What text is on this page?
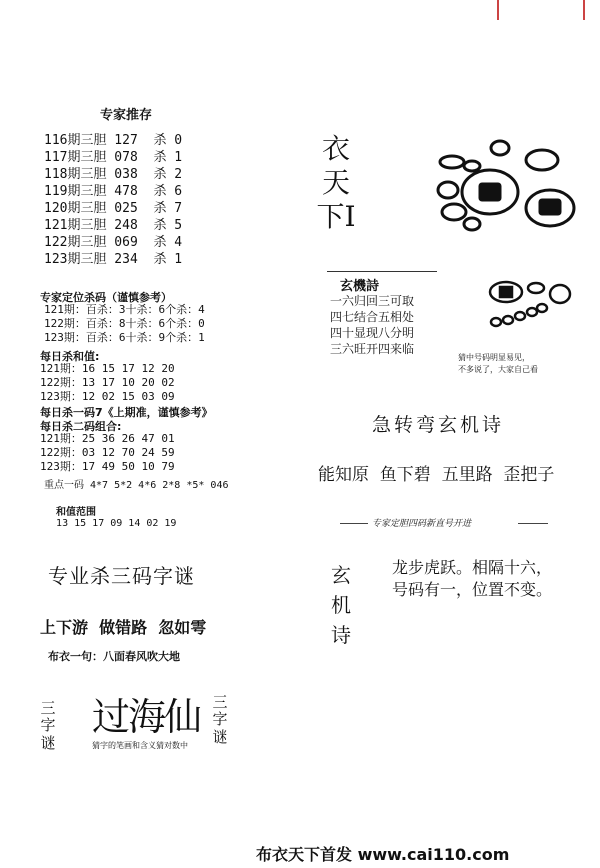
专家推存
116期三胆 127  杀 0
117期三胆 078  杀 1
118期三胆 038  杀 2
119期三胆 478  杀 6
120期三胆 025  杀 7
121期三胆 248  杀 5
122期三胆 069  杀 4
123期三胆 234  杀 1
专家定位杀码（谨慎参考）
121期：百杀：3十杀：6个杀：4
122期：百杀：8十杀：6个杀：0
123期：百杀：6十杀：9个杀：1
每日杀和值:
121期：16 15 17 12 20
122期：13 17 10 20 02
123期：12 02 15 03 09
每日杀一码7《上期准，谨慎参考》
每日杀二码组合:
121期：25 36 26 47 01
122期：03 12 70 24 59
123期：17 49 50 10 79
重点一码 4*7 5*2 4*6 2*8 *5* 046

和值范围
13 15 17 09 14 02 19

专业杀三码字谜
上下游  做错路  忽如雩
布衣一句：八面春风吹大地
三字谜
过海仙 三字谜
猜字的笔画和含义猜对数中
衣天下I
玄機詩
一六归回三可取
四七结合五相处
四十显现八分明
三六旺开四来临
猜中号码明显易见，
不多说了，大家自己看
急转弯玄机诗
能知原  鱼下碧  五里路  歪把子
专家定胆四码新直号开进
玄机诗
龙步虎跃。相隔十六，
号码有一，位置不变。
布衣天下首发 www.cai110.com
